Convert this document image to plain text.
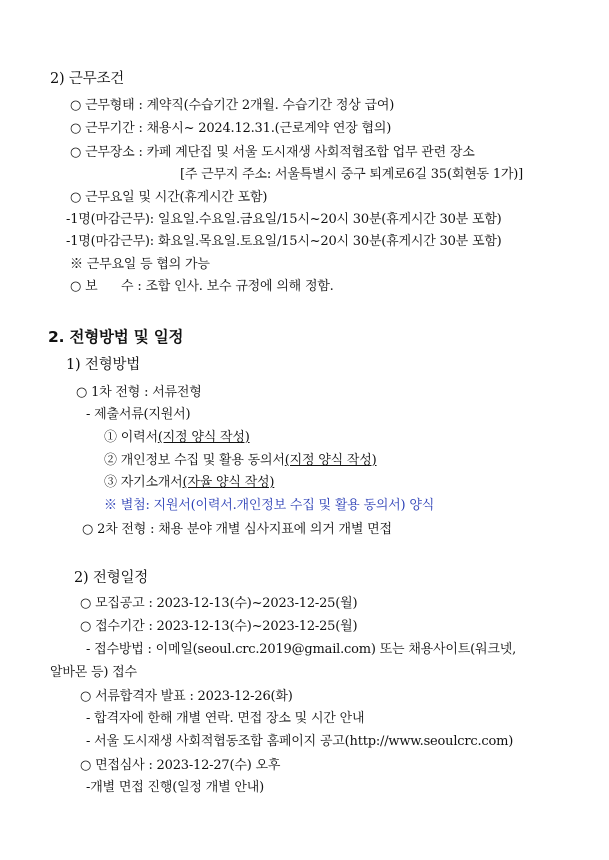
2) 근무조건
○ 근무형태 : 계약직(수습기간 2개월. 수습기간 정상 급여)
○ 근무기간 : 채용시~ 2024.12.31.(근로계약 연장 협의)
○ 근무장소 : 카페 계단집 및 서울 도시재생 사회적협조합 업무 관련 장소
[주 근무지 주소: 서울특별시 중구 퇴계로6길 35(회현동 1가)]
○ 근무요일 및 시간(휴게시간 포함)
-1명(마감근무): 일요일.수요일.금요일/15시~20시 30분(휴게시간 30분 포함)
-1명(마감근무): 화요일.목요일.토요일/15시~20시 30분(휴게시간 30분 포함)
※ 근무요일 등 협의 가능
○ 보      수 : 조합 인사. 보수 규정에 의해 정함.
2. 전형방법 및 일정
1) 전형방법
○ 1차 전형 : 서류전형
- 제출서류(지원서)
① 이력서(지정 양식 작성)
② 개인정보 수집 및 활용 동의서(지정 양식 작성)
③ 자기소개서(자율 양식 작성)
※ 별첨: 지원서(이력서.개인정보 수집 및 활용 동의서) 양식
○ 2차 전형 : 채용 분야 개별 심사지표에 의거 개별 면접
2) 전형일정
○ 모집공고 : 2023-12-13(수)~2023-12-25(월)
○ 접수기간 : 2023-12-13(수)~2023-12-25(월)
- 접수방법 : 이메일(seoul.crc.2019@gmail.com) 또는 채용사이트(워크넷,
알바몬 등) 접수
○ 서류합격자 발표 : 2023-12-26(화)
- 합격자에 한해 개별 연락. 면접 장소 및 시간 안내
- 서울 도시재생 사회적협동조합 홈페이지 공고(http://www.seoulcrc.com)
○ 면접심사 : 2023-12-27(수) 오후
-개별 면접 진행(일정 개별 안내)
